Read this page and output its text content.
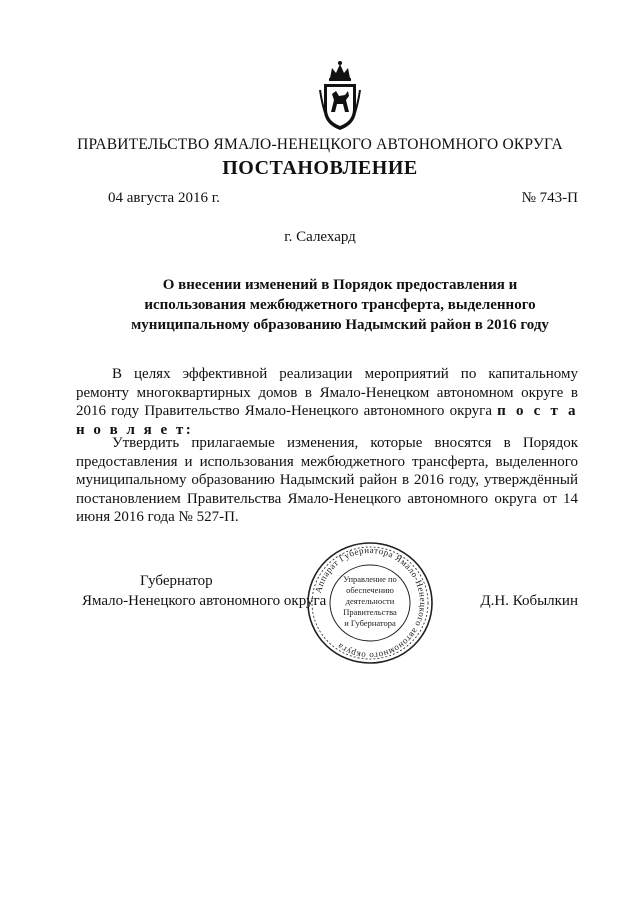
ПРАВИТЕЛЬСТВО ЯМАЛО-НЕНЕЦКОГО АВТОНОМНОГО ОКРУГА
ПОСТАНОВЛЕНИЕ
04 августа 2016 г.	№ 743-П
г. Салехард
О внесении изменений в Порядок предоставления и
использования межбюджетного трансферта, выделенного
муниципальному образованию Надымский район в 2016 году
В целях эффективной реализации мероприятий по капитальному ремонту многоквартирных домов в Ямало-Ненецком автономном округе в 2016 году Правительство Ямало-Ненецкого автономного округа п о с т а н о в л я е т:
Утвердить прилагаемые изменения, которые вносятся в Порядок предоставления и использования межбюджетного трансферта, выделенного муниципальному образованию Надымский район в 2016 году, утверждённый постановлением Правительства Ямало-Ненецкого автономного округа от 14 июня 2016 года № 527-П.
Губернатор
Ямало-Ненецкого автономного округа	Д.Н. Кобылкин
Аппарат Губернатора Ямало-Ненецкого автономного округа
Управление по
обеспечению
деятельности
Правительства
и Губернатора
